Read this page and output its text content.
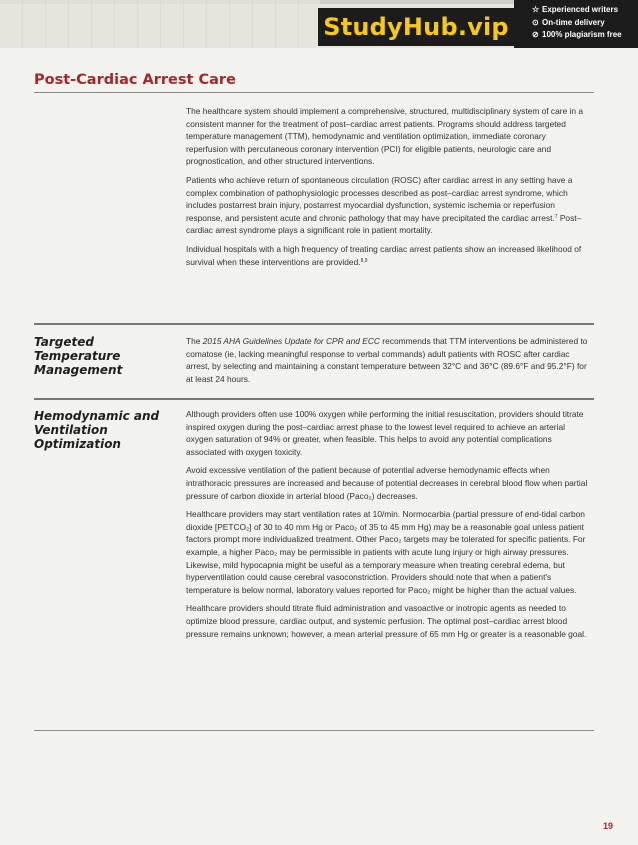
StudyHub.vip
☆ Experienced writers
⊙ On-time delivery
⊘ 100% plagiarism free
Post-Cardiac Arrest Care

The healthcare system should implement a comprehensive, structured, multidisciplinary system of care in a consistent manner for the treatment of post–cardiac arrest patients. Programs should address targeted temperature management (TTM), hemodynamic and ventilation optimization, immediate coronary reperfusion with percutaneous coronary intervention (PCI) for eligible patients, neurologic care and prognostication, and other structured interventions.

Patients who achieve return of spontaneous circulation (ROSC) after cardiac arrest in any setting have a complex combination of pathophysiologic processes described as post–cardiac arrest syndrome, which includes postarrest brain injury, postarrest myocardial dysfunction, systemic ischemia or reperfusion response, and persistent acute and chronic pathology that may have precipitated the cardiac arrest.$^7$ Post–cardiac arrest syndrome plays a significant role in patient mortality.

Individual hospitals with a high frequency of treating cardiac arrest patients show an increased likelihood of survival when these interventions are provided.$^{8,9}$

Targeted Temperature Management

The 2015 AHA Guidelines Update for CPR and ECC recommends that TTM interventions be administered to comatose (ie, lacking meaningful response to verbal commands) adult patients with ROSC after cardiac arrest, by selecting and maintaining a constant temperature between 32°C and 36°C (89.6°F and 95.2°F) for at least 24 hours.

Hemodynamic and Ventilation Optimization

Although providers often use 100% oxygen while performing the initial resuscitation, providers should titrate inspired oxygen during the post–cardiac arrest phase to the lowest level required to achieve an arterial oxygen saturation of 94% or greater, when feasible. This helps to avoid any potential complications associated with oxygen toxicity.

Avoid excessive ventilation of the patient because of potential adverse hemodynamic effects when intrathoracic pressures are increased and because of potential decreases in cerebral blood flow when partial pressure of carbon dioxide in arterial blood (Paco₂) decreases.

Healthcare providers may start ventilation rates at 10/min. Normocarbia (partial pressure of end-tidal carbon dioxide [PETCO₂] of 30 to 40 mm Hg or Paco₂ of 35 to 45 mm Hg) may be a reasonable goal unless patient factors prompt more individualized treatment. Other Paco₂ targets may be tolerated for specific patients. For example, a higher Paco₂ may be permissible in patients with acute lung injury or high airway pressures. Likewise, mild hypocapnia might be useful as a temporary measure when treating cerebral edema, but hyperventilation could cause cerebral vasoconstriction. Providers should note that when a patient's temperature is below normal, laboratory values reported for Paco₂ might be higher than the actual values.

Healthcare providers should titrate fluid administration and vasoactive or inotropic agents as needed to optimize blood pressure, cardiac output, and systemic perfusion. The optimal post–cardiac arrest blood pressure remains unknown; however, a mean arterial pressure of 65 mm Hg or greater is a reasonable goal.

19
